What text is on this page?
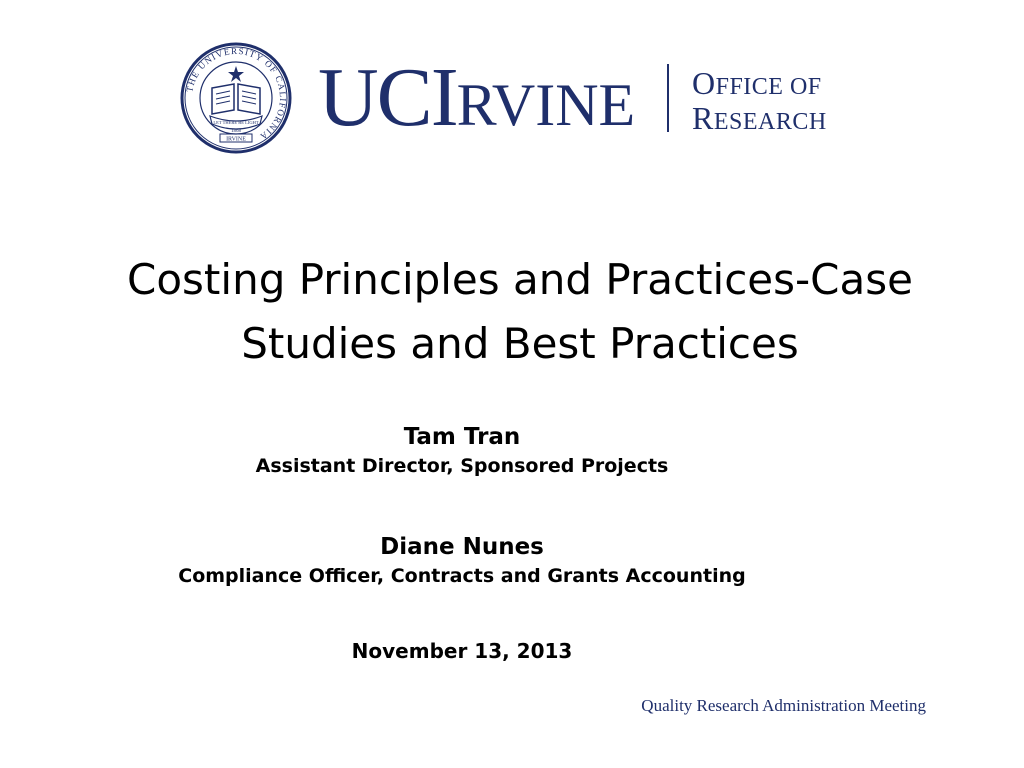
THE UNIVERSITY OF CALIFORNIA
LET THERE BE LIGHT
1868
IRVINE UCIRVINE OFFICE OF
RESEARCH
Costing Principles and Practices-Case
Studies and Best Practices
Tam Tran
Assistant Director, Sponsored Projects
Diane Nunes
Compliance Officer, Contracts and Grants Accounting
November 13, 2013
Quality Research Administration Meeting
